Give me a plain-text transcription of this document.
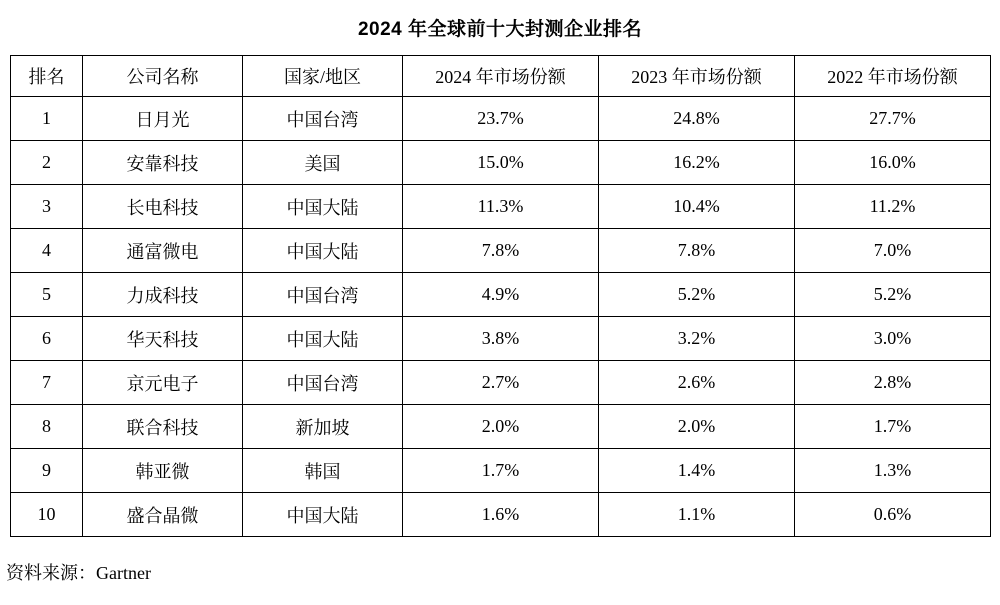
2024 年全球前十大封测企业排名
排名	公司名称	国家/地区	2024 年市场份额	2023 年市场份额	2022 年市场份额
1	日月光	中国台湾	23.7%	24.8%	27.7%
2	安靠科技	美国	15.0%	16.2%	16.0%
3	长电科技	中国大陆	11.3%	10.4%	11.2%
4	通富微电	中国大陆	7.8%	7.8%	7.0%
5	力成科技	中国台湾	4.9%	5.2%	5.2%
6	华天科技	中国大陆	3.8%	3.2%	3.0%
7	京元电子	中国台湾	2.7%	2.6%	2.8%
8	联合科技	新加坡	2.0%	2.0%	1.7%
9	韩亚微	韩国	1.7%	1.4%	1.3%
10	盛合晶微	中国大陆	1.6%	1.1%	0.6%
资料来源：Gartner
